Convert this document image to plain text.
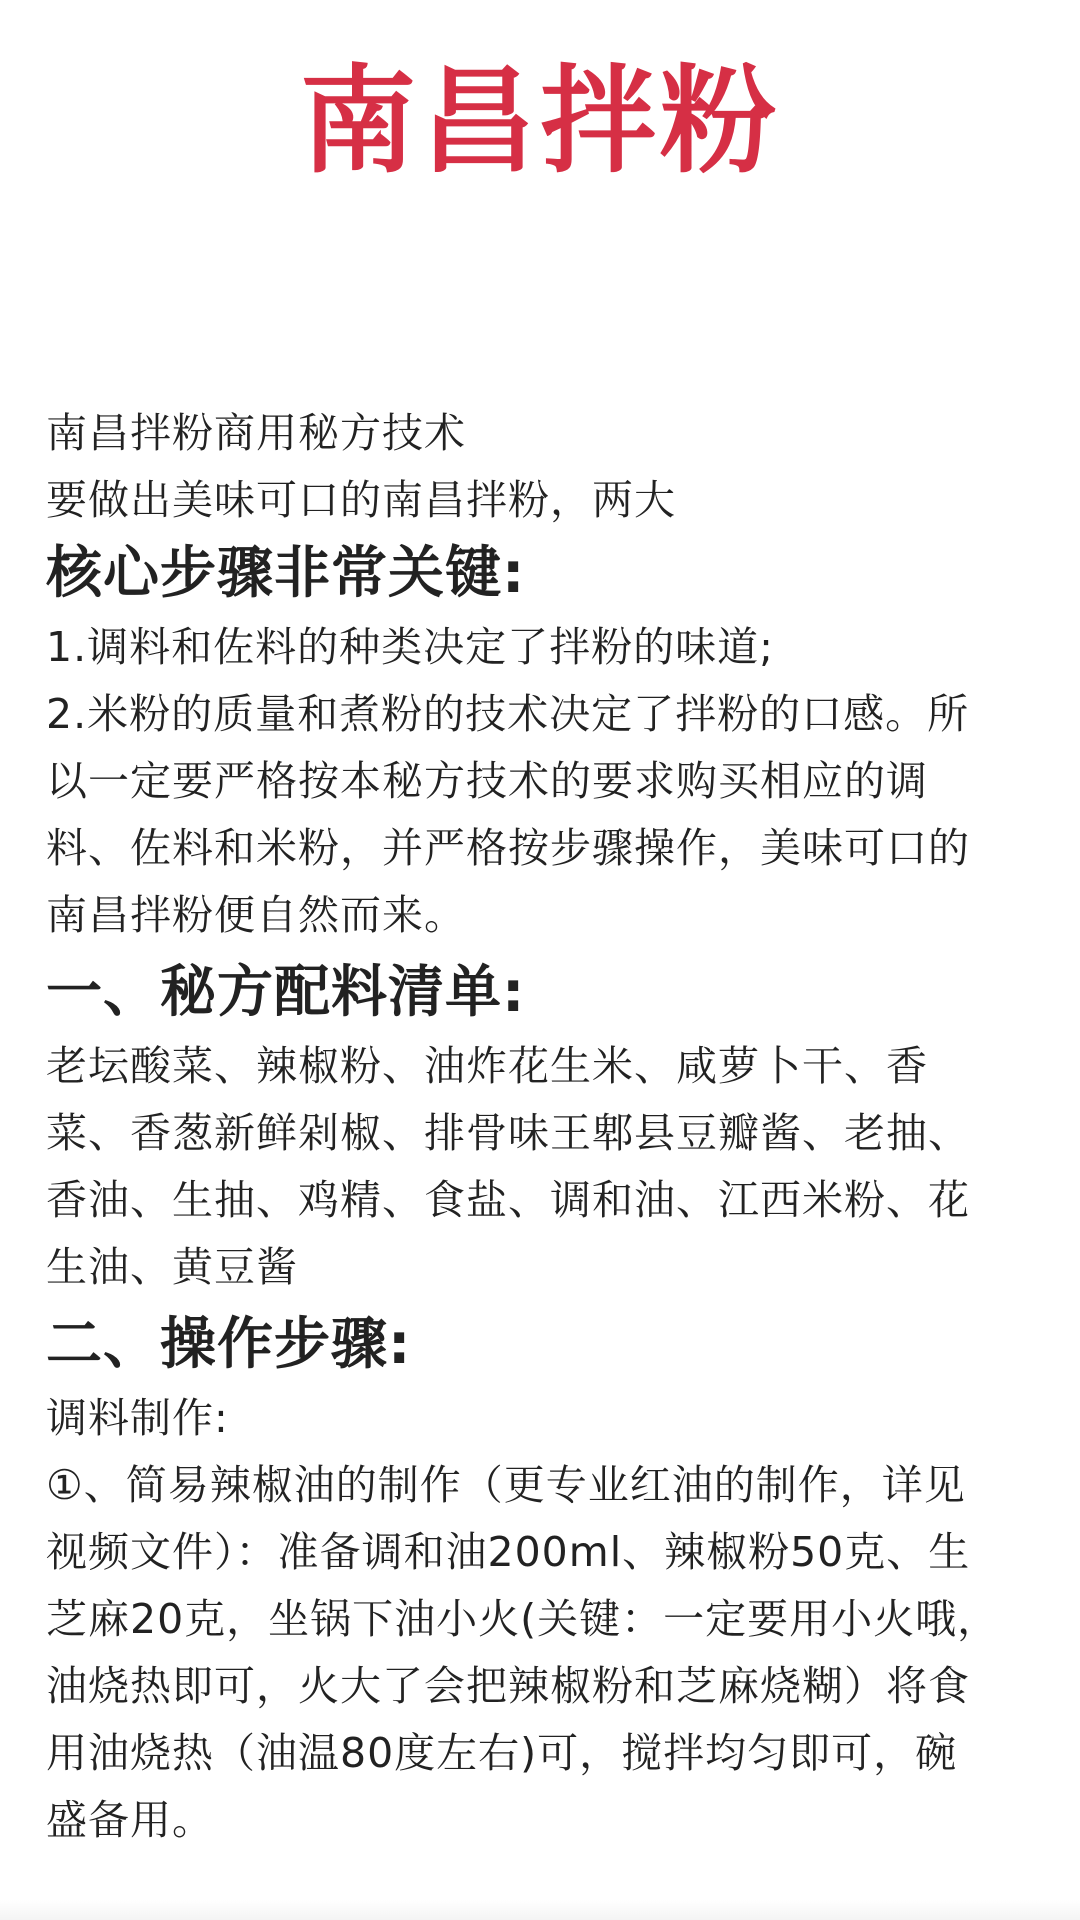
南昌拌粉

南昌拌粉商用秘方技术

要做出美味可口的南昌拌粉，两大

核心步骤非常关键:

1.调料和佐料的种类决定了拌粉的味道;

2.米粉的质量和煮粉的技术决定了拌粉的口感。所

以一定要严格按本秘方技术的要求购买相应的调

料、佐料和米粉，并严格按步骤操作，美味可口的

南昌拌粉便自然而来。

一、秘方配料清单:

老坛酸菜、辣椒粉、油炸花生米、咸萝卜干、香

菜、香葱新鲜剁椒、排骨味王郫县豆瓣酱、老抽、

香油、生抽、鸡精、食盐、调和油、江西米粉、花

生油、黄豆酱

二、操作步骤:

调料制作:

①、简易辣椒油的制作（更专业红油的制作，详见

视频文件）：准备调和油200ml、辣椒粉50克、生

芝麻20克，坐锅下油小火(关键：一定要用小火哦，

油烧热即可，火大了会把辣椒粉和芝麻烧糊）将食

用油烧热（油温80度左右)可，搅拌均匀即可，碗

盛备用。
